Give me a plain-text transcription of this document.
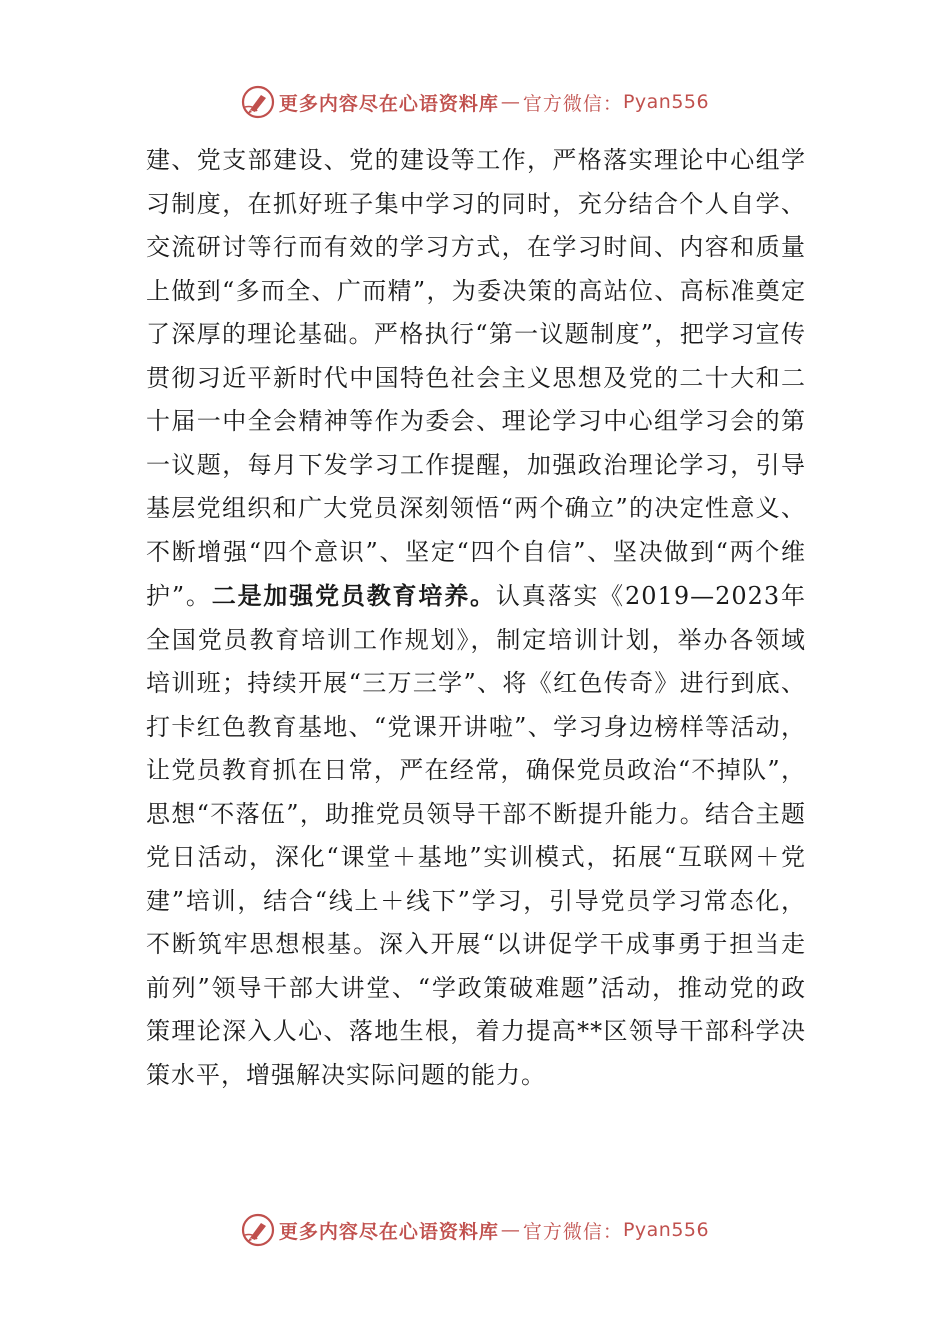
更多内容尽在心语资料库 — 官方微信： Pyan556

建、党支部建设、党的建设等工作，严格落实理论中心组学习制度，在抓好班子集中学习的同时，充分结合个人自学、交流研讨等行而有效的学习方式，在学习时间、内容和质量上做到“多而全、广而精”，为委决策的高站位、高标准奠定了深厚的理论基础。严格执行“第一议题制度”，把学习宣传贯彻习近平新时代中国特色社会主义思想及党的二十大和二十届一中全会精神等作为委会、理论学习中心组学习会的第一议题，每月下发学习工作提醒，加强政治理论学习，引导基层党组织和广大党员深刻领悟“两个确立”的决定性意义、不断增强“四个意识”、坚定“四个自信”、坚决做到“两个维护”。二是加强党员教育培养。认真落实《2019—2023年全国党员教育培训工作规划》，制定培训计划，举办各领域培训班；持续开展“三万三学”、将《红色传奇》进行到底、打卡红色教育基地、“党课开讲啦”、学习身边榜样等活动，让党员教育抓在日常，严在经常，确保党员政治“不掉队”，思想“不落伍”，助推党员领导干部不断提升能力。结合主题党日活动，深化“课堂＋基地”实训模式，拓展“互联网＋党建”培训，结合“线上＋线下”学习，引导党员学习常态化，不断筑牢思想根基。深入开展“以讲促学干成事勇于担当走前列”领导干部大讲堂、“学政策破难题”活动，推动党的政策理论深入人心、落地生根，着力提高**区领导干部科学决策水平，增强解决实际问题的能力。

更多内容尽在心语资料库 — 官方微信： Pyan556
